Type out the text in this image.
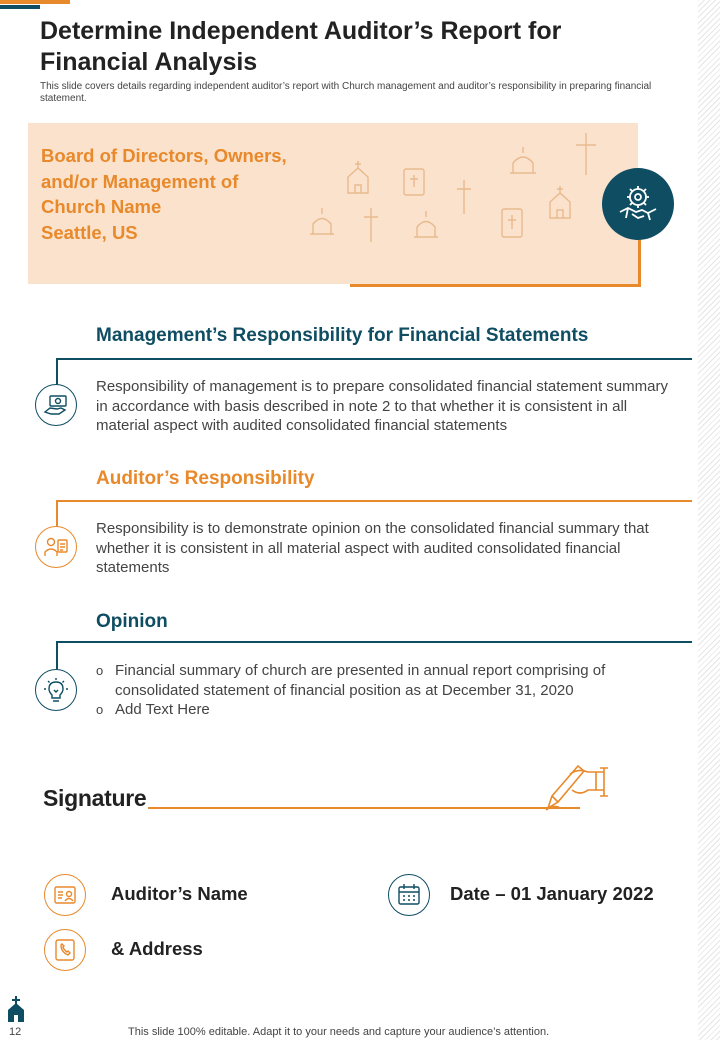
Determine Independent Auditor’s Report for Financial Analysis
This slide covers details regarding independent auditor’s report with Church management and auditor’s responsibility in preparing financial statement.
Board of Directors, Owners,
and/or Management of
Church Name
Seattle, US
Management’s Responsibility for Financial Statements
Responsibility of management is to prepare consolidated financial statement summary in accordance with basis described in note 2 to that whether it is consistent in all material aspect with audited consolidated financial statements
Auditor’s Responsibility
Responsibility is to demonstrate opinion on the consolidated financial summary that whether it is consistent in all material aspect with audited consolidated financial statements
Opinion
o Financial summary of church are presented in annual report comprising of consolidated statement of financial position as at December 31, 2020
o Add Text Here
Signature
Auditor’s Name
& Address
Date – 01 January 2022
12	This slide 100% editable. Adapt it to your needs and capture your audience’s attention.
